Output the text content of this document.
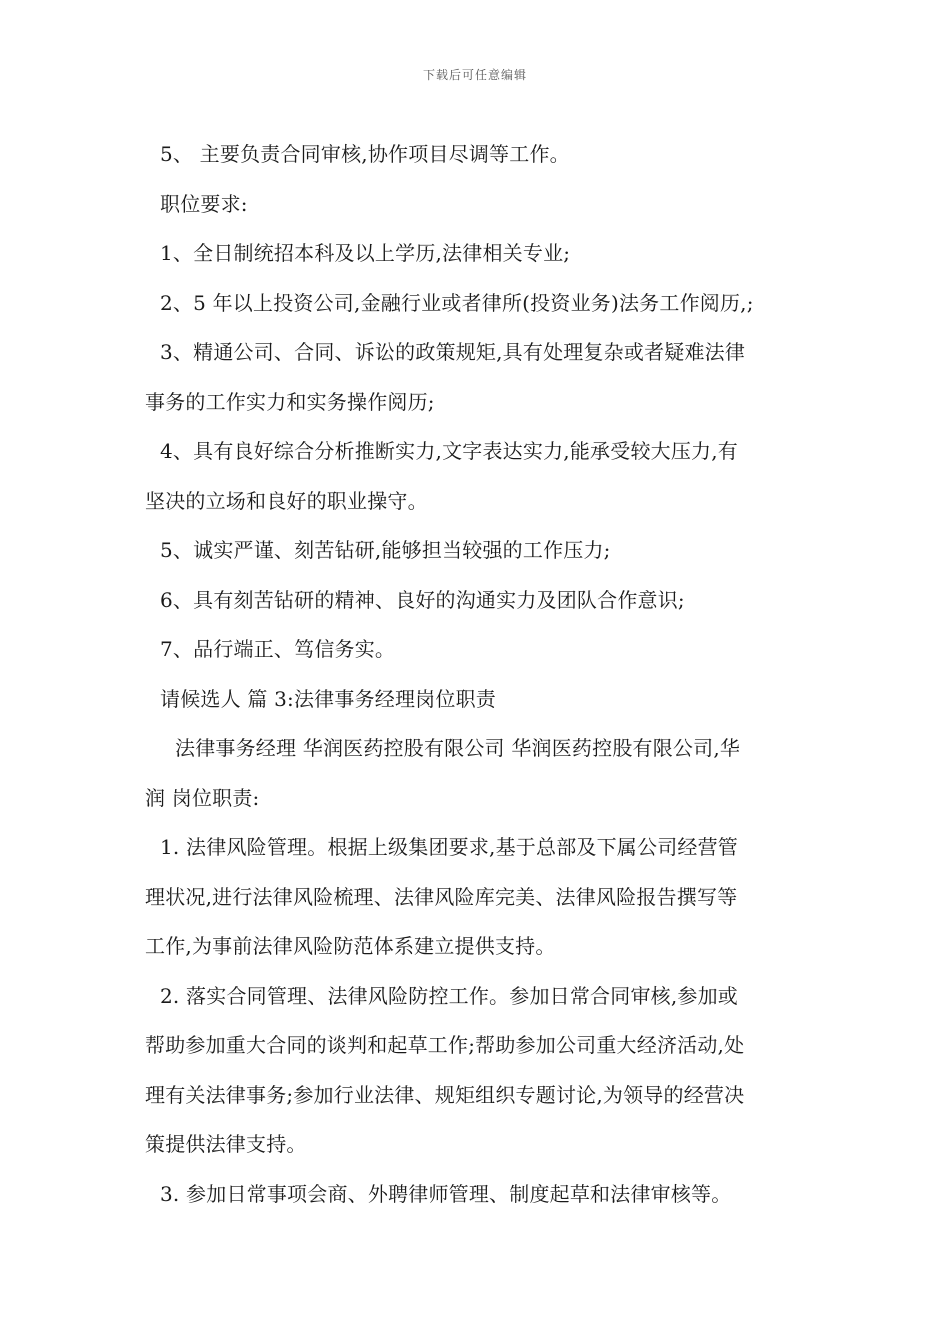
下载后可任意编辑
5、 主要负责合同审核,协作项目尽调等工作。
职位要求:
1、全日制统招本科及以上学历,法律相关专业;
2、5 年以上投资公司,金融行业或者律所(投资业务)法务工作阅历,;
3、精通公司、合同、诉讼的政策规矩,具有处理复杂或者疑难法律
事务的工作实力和实务操作阅历;
4、具有良好综合分析推断实力,文字表达实力,能承受较大压力,有
坚决的立场和良好的职业操守。
5、诚实严谨、刻苦钻研,能够担当较强的工作压力;
6、具有刻苦钻研的精神、良好的沟通实力及团队合作意识;
7、品行端正、笃信务实。
请候选人 篇 3:法律事务经理岗位职责
法律事务经理 华润医药控股有限公司 华润医药控股有限公司,华
润 岗位职责:
1. 法律风险管理。根据上级集团要求,基于总部及下属公司经营管
理状况,进行法律风险梳理、法律风险库完美、法律风险报告撰写等
工作,为事前法律风险防范体系建立提供支持。
2. 落实合同管理、法律风险防控工作。参加日常合同审核,参加或
帮助参加重大合同的谈判和起草工作;帮助参加公司重大经济活动,处
理有关法律事务;参加行业法律、规矩组织专题讨论,为领导的经营决
策提供法律支持。
3. 参加日常事项会商、外聘律师管理、制度起草和法律审核等。
